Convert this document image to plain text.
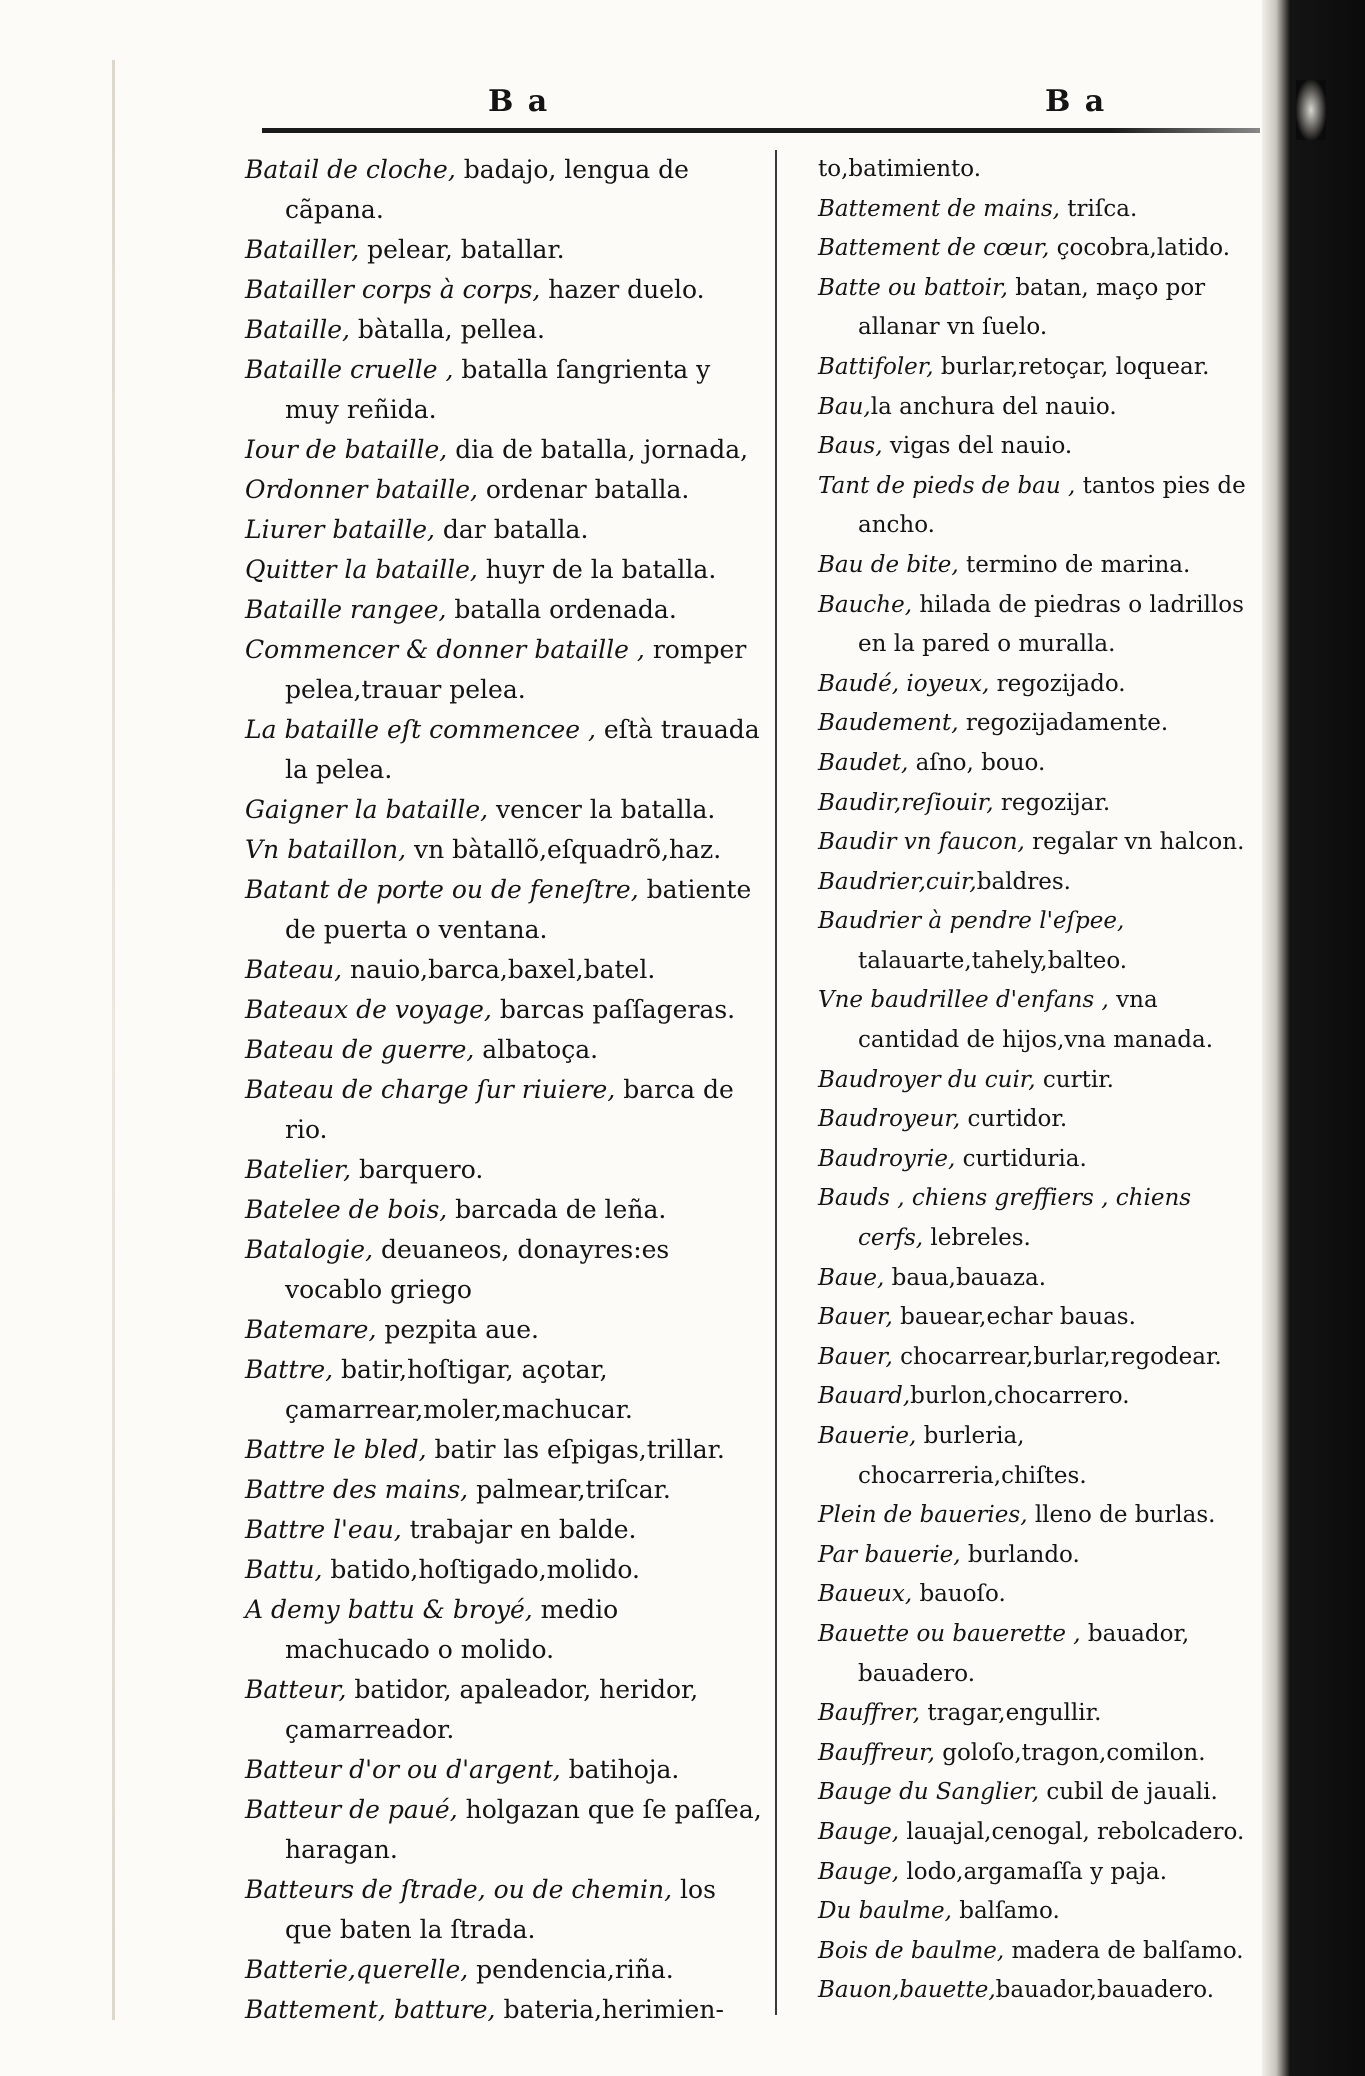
B a	B a
Batail de cloche, badajo, lengua de cãpana.
Batailler, pelear, batallar.
Batailler corps à corps, hazer duelo.
Bataille, bàtalla, pellea.
Bataille cruelle , batalla ſangrienta y muy reñida.
Iour de bataille, dia de batalla, jornada,
Ordonner bataille, ordenar batalla.
Liurer bataille, dar batalla.
Quitter la bataille, huyr de la batalla.
Bataille rangee, batalla ordenada.
Commencer & donner bataille , romper pelea,trauar pelea.
La bataille eſt commencee , eſtà trauada la pelea.
Gaigner la bataille, vencer la batalla.
Vn bataillon, vn bàtallõ,eſquadrõ,haz.
Batant de porte ou de feneſtre, batiente de puerta o ventana.
Bateau, nauio,barca,baxel,batel.
Bateaux de voyage, barcas paſſageras.
Bateau de guerre, albatoça.
Bateau de charge ſur riuiere, barca de rio.
Batelier, barquero.
Batelee de bois, barcada de leña.
Batalogie, deuaneos, donayres:es vocablo griego
Batemare, pezpita aue.
Battre, batir,hoſtigar, açotar, çamarrear,moler,machucar.
Battre le bled, batir las eſpigas,trillar.
Battre des mains, palmear,triſcar.
Battre l'eau, trabajar en balde.
Battu, batido,hoſtigado,molido.
A demy battu & broyé, medio machucado o molido.
Batteur, batidor, apaleador, heridor, çamarreador.
Batteur d'or ou d'argent, batihoja.
Batteur de paué, holgazan que ſe paſſea, haragan.
Batteurs de ſtrade, ou de chemin, los que baten la ſtrada.
Batterie,querelle, pendencia,riña.
Battement, batture, bateria,herimien-
to,batimiento.
Battement de mains, triſca.
Battement de cœur, çocobra,latido.
Batte ou battoir, batan, maço por allanar vn ſuelo.
Battifoler, burlar,retoçar, loquear.
Bau,la anchura del nauio.
Baus, vigas del nauio.
Tant de pieds de bau , tantos pies de ancho.
Bau de bite, termino de marina.
Bauche, hilada de piedras o ladrillos en la pared o muralla.
Baudé, ioyeux, regozijado.
Baudement, regozijadamente.
Baudet, aſno, bouo.
Baudir,reſiouir, regozijar.
Baudir vn faucon, regalar vn halcon.
Baudrier,cuir,baldres.
Baudrier à pendre l'eſpee, talauarte,tahely,balteo.
Vne baudrillee d'enfans , vna cantidad de hijos,vna manada.
Baudroyer du cuir, curtir.
Baudroyeur, curtidor.
Baudroyrie, curtiduria.
Bauds , chiens greffiers , chiens cerfs, lebreles.
Baue, baua,bauaza.
Bauer, bauear,echar bauas.
Bauer, chocarrear,burlar,regodear.
Bauard,burlon,chocarrero.
Bauerie, burleria, chocarreria,chiſtes.
Plein de baueries, lleno de burlas.
Par bauerie, burlando.
Baueux, bauoſo.
Bauette ou bauerette , bauador, bauadero.
Bauffrer, tragar,engullir.
Bauffreur, goloſo,tragon,comilon.
Bauge du Sanglier, cubil de jauali.
Bauge, lauajal,cenogal, rebolcadero.
Bauge, lodo,argamaſſa y paja.
Du baulme, balſamo.
Bois de baulme, madera de balſamo.
Bauon,bauette,bauador,bauadero.
